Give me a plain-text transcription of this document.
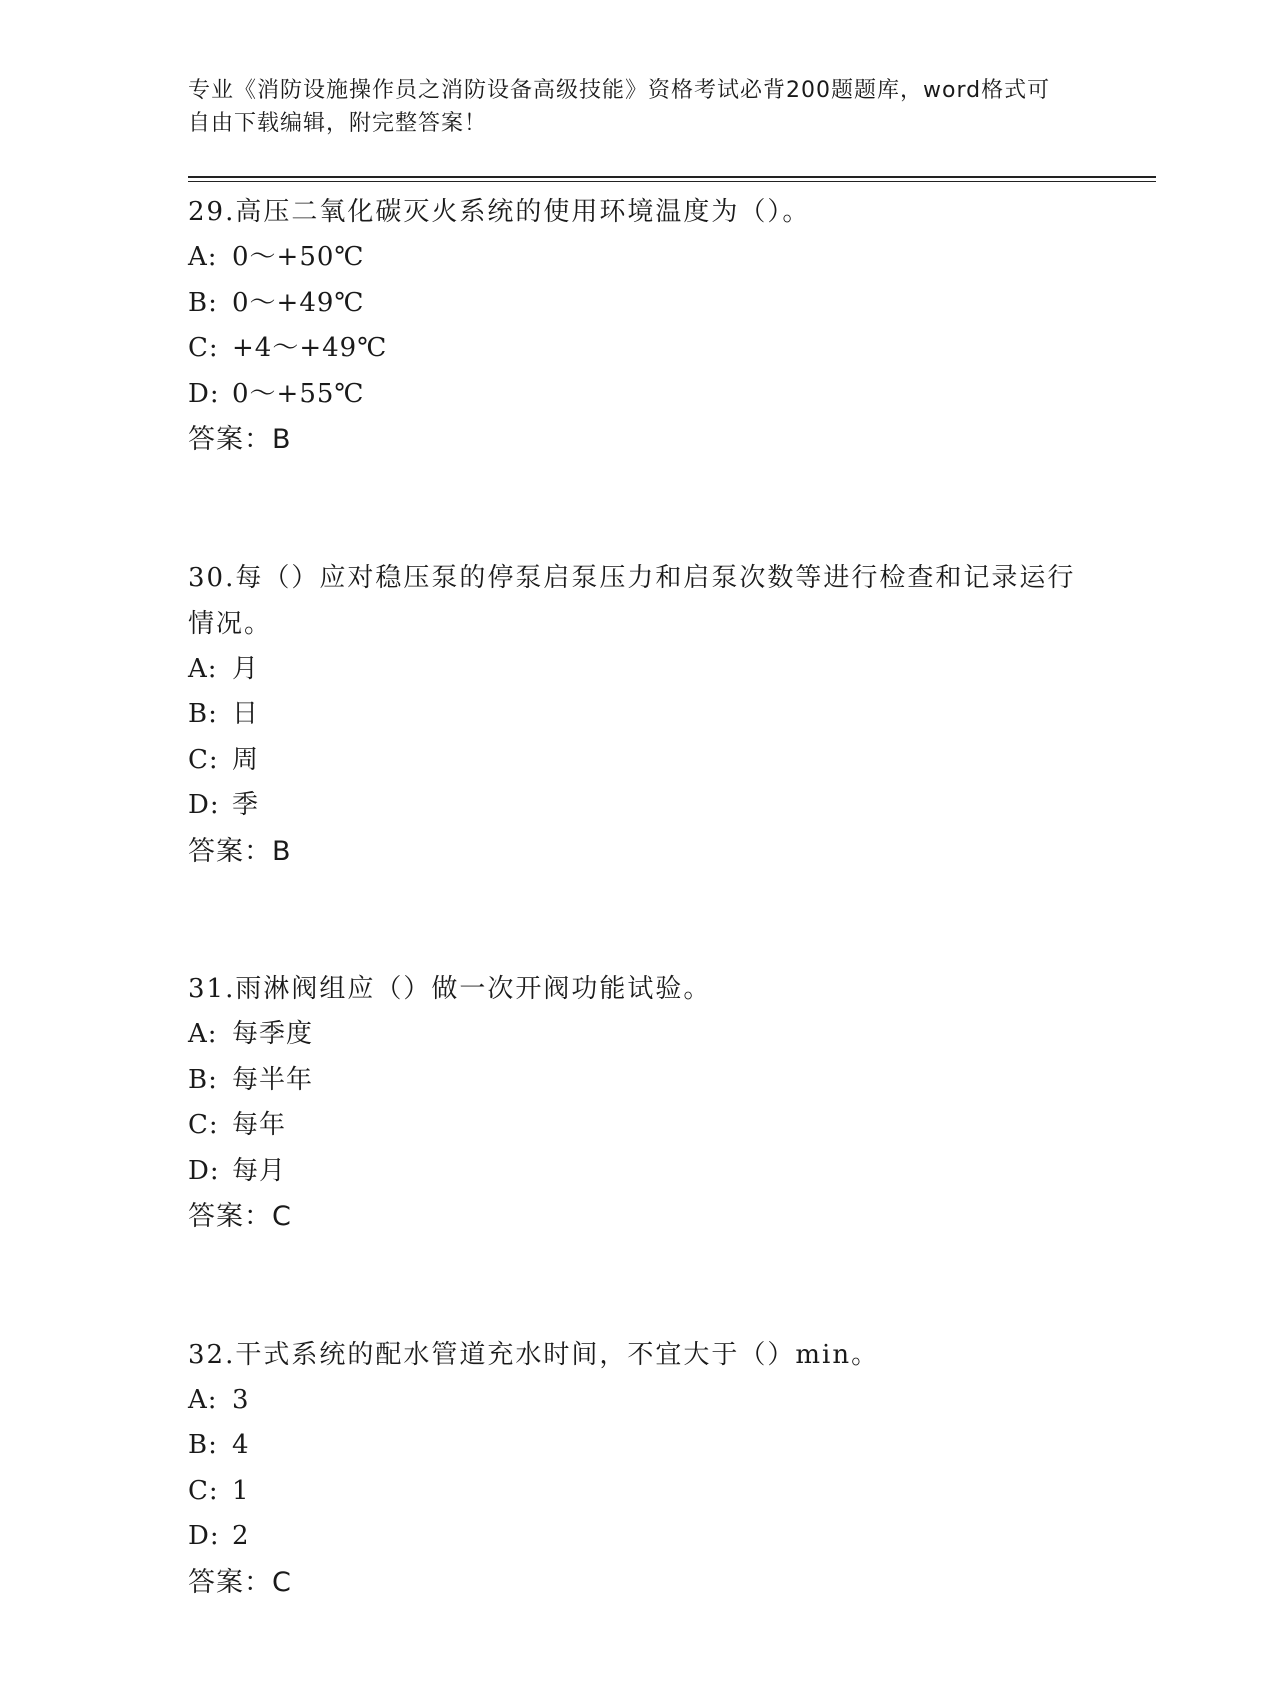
专业《消防设施操作员之消防设备高级技能》资格考试必背200题题库，word格式可自由下载编辑，附完整答案！

29.高压二氧化碳灭火系统的使用环境温度为（）。

A: 0～+50℃

B: 0～+49℃

C: +4～+49℃

D: 0～+55℃

答案：B

30.每（）应对稳压泵的停泵启泵压力和启泵次数等进行检查和记录运行情况。

A: 月

B: 日

C: 周

D: 季

答案：B

31.雨淋阀组应（）做一次开阀功能试验。

A: 每季度

B: 每半年

C: 每年

D: 每月

答案：C

32.干式系统的配水管道充水时间，不宜大于（）min。

A: 3

B: 4

C: 1

D: 2

答案：C
